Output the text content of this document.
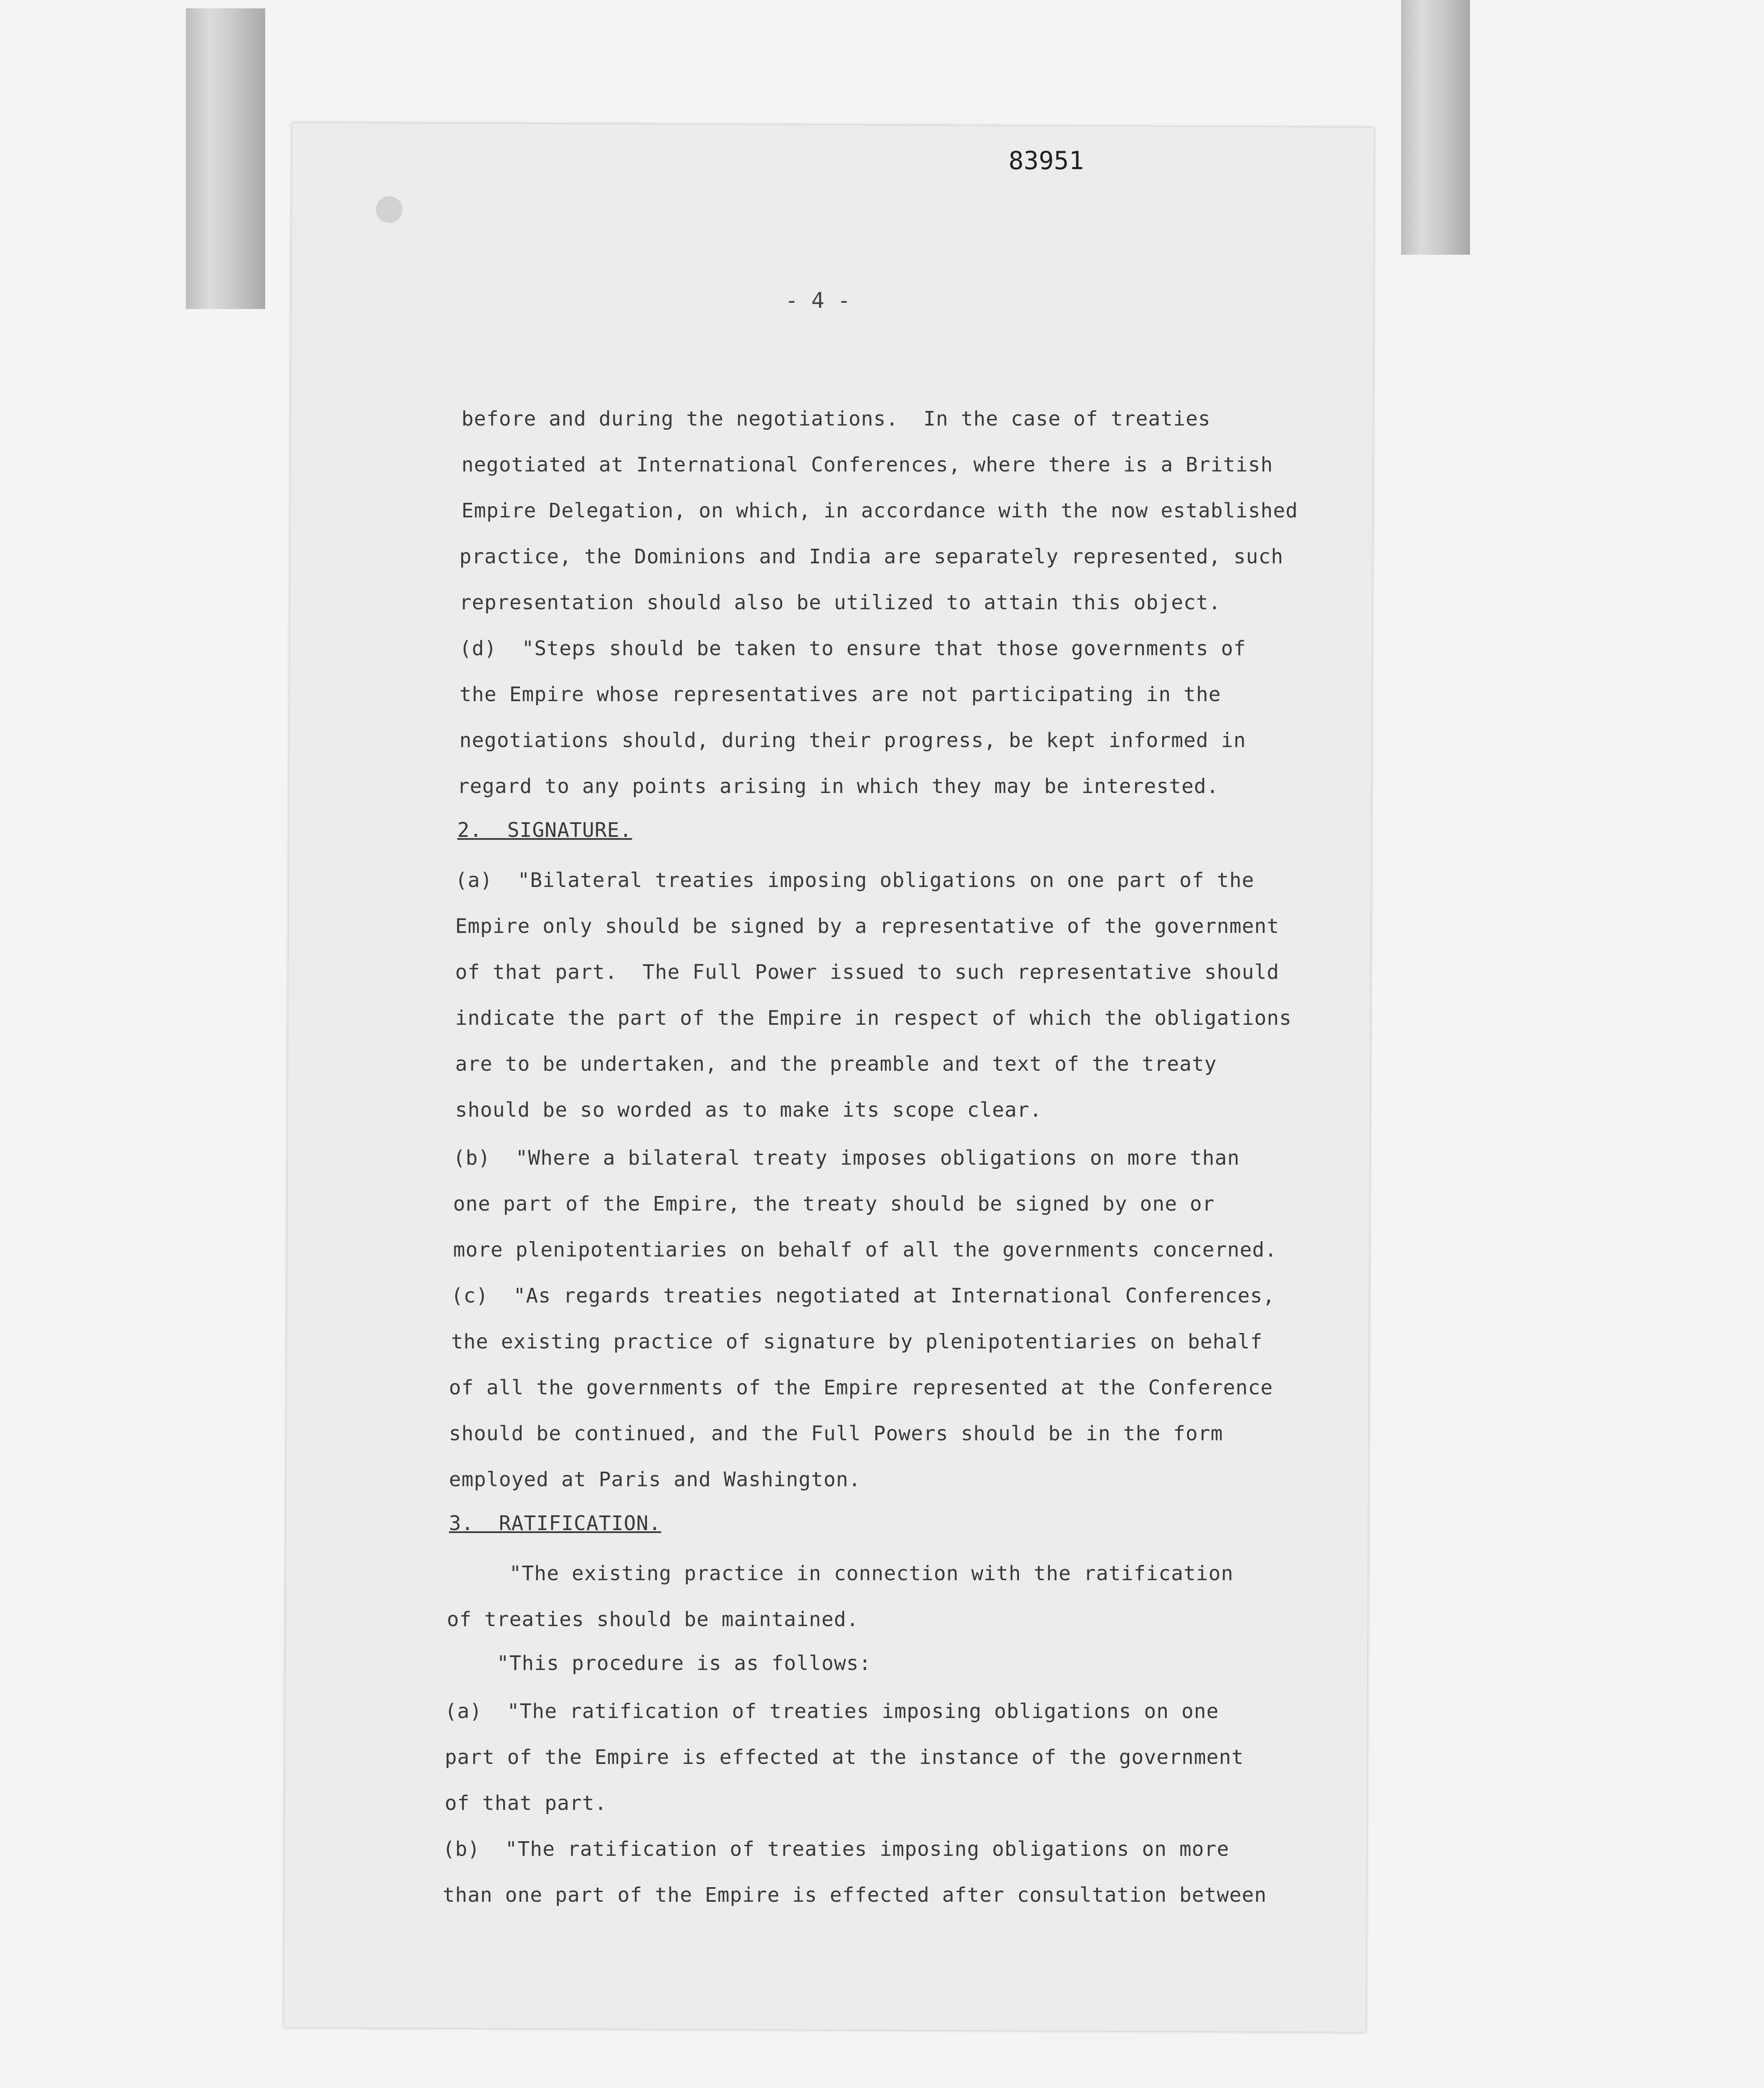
83951
- 4 -
before and during the negotiations.  In the case of treaties
negotiated at International Conferences, where there is a British
Empire Delegation, on which, in accordance with the now established
practice, the Dominions and India are separately represented, such
representation should also be utilized to attain this object.
(d)  "Steps should be taken to ensure that those governments of
the Empire whose representatives are not participating in the
negotiations should, during their progress, be kept informed in
regard to any points arising in which they may be interested.
2.  SIGNATURE.
(a)  "Bilateral treaties imposing obligations on one part of the
Empire only should be signed by a representative of the government
of that part.  The Full Power issued to such representative should
indicate the part of the Empire in respect of which the obligations
are to be undertaken, and the preamble and text of the treaty
should be so worded as to make its scope clear.
(b)  "Where a bilateral treaty imposes obligations on more than
one part of the Empire, the treaty should be signed by one or
more plenipotentiaries on behalf of all the governments concerned.
(c)  "As regards treaties negotiated at International Conferences,
the existing practice of signature by plenipotentiaries on behalf
of all the governments of the Empire represented at the Conference
should be continued, and the Full Powers should be in the form
employed at Paris and Washington.
3.  RATIFICATION.
"The existing practice in connection with the ratification
of treaties should be maintained.
"This procedure is as follows:
(a)  "The ratification of treaties imposing obligations on one
part of the Empire is effected at the instance of the government
of that part.
(b)  "The ratification of treaties imposing obligations on more
than one part of the Empire is effected after consultation between
